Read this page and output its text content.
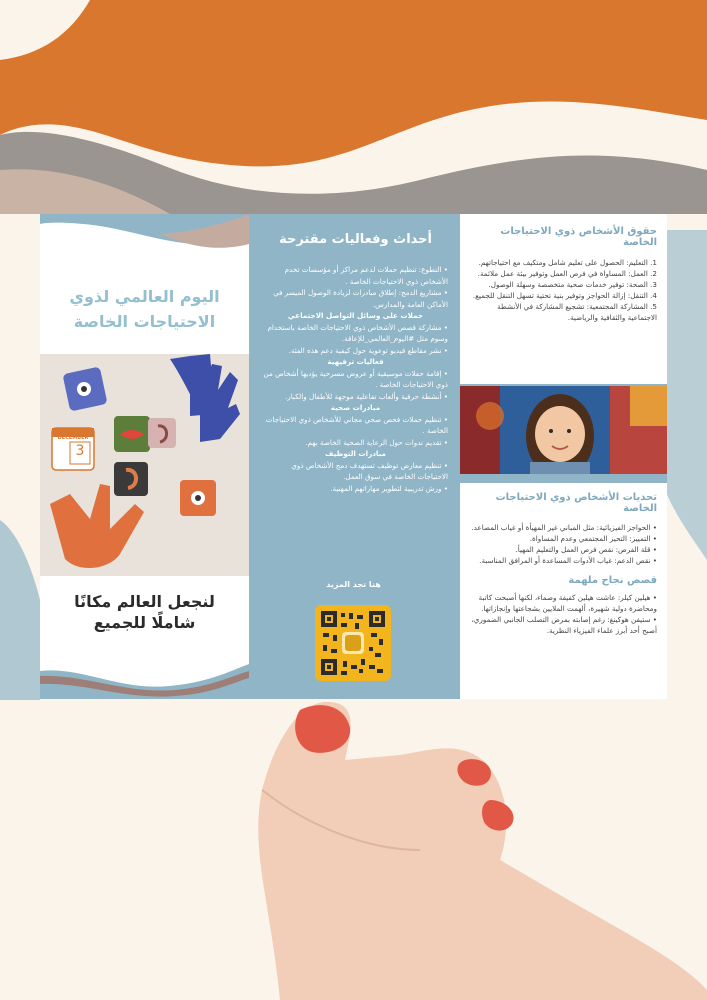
حقوق الأشخاص ذوي الاحتياجات الخاصة

1. التعليم: الحصول على تعليم شامل ومتكيف مع احتياجاتهم.

2. العمل: المساواة في فرص العمل وتوفير بيئة عمل ملائمة.

3. الصحة: توفير خدمات صحية متخصصة وسهلة الوصول.

4. التنقل: إزالة الحواجز وتوفير بنية تحتية تسهل التنقل للجميع.

5. المشاركة المجتمعية: تشجيع المشاركة في الأنشطة الاجتماعية والثقافية والرياضية.

تحديات الأشخاص ذوي الاحتياجات الخاصة

• الحواجز الفيزيائية: مثل المباني غير المهيأة أو غياب المصاعد.

• التمييز: التحيز المجتمعي وعدم المساواة.

• قلة الفرص: نقص فرص العمل والتعليم المهيأ.

• نقص الدعم: غياب الأدوات المساعدة أو المرافق المناسبة.

قصص نجاح ملهمة

• هيلين كيلر: عاشت هيلين كفيفة وصماء، لكنها أصبحت كاتبة ومحاضرة دولية شهيرة، ألهمت الملايين بشجاعتها وإنجازاتها.

• ستيفن هوكينغ: رغم إصابته بمرض التصلب الجانبي الضموري، أصبح أحد أبرز علماء الفيزياء النظرية.

أحداث وفعاليات مقترحة
• التطوع: تنظيم حملات لدعم مراكز أو مؤسسات تخدم الأشخاص ذوي الاحتياجات الخاصة .
• مشاريع الدمج: إطلاق مبادرات لزيادة الوصول الميسر في الأماكن العامة والمدارس.
حملات على وسائل التواصل الاجتماعي
• مشاركة قصص الأشخاص ذوي الاحتياجات الخاصة باستخدام وسوم مثل #اليوم_العالمي_للإعاقة.
• نشر مقاطع فيديو توعوية حول كيفية دعم هذه الفئة.
فعاليات ترفيهية
• إقامة حفلات موسيقية أو عروض مسرحية يؤديها أشخاص من ذوي الاحتياجات الخاصة .
• أنشطة حرفية وألعاب تفاعلية موجهة للأطفال والكبار.
مبادرات صحية
• تنظيم حملات فحص صحي مجاني للأشخاص ذوي الاحتياجات الخاصة .
• تقديم ندوات حول الرعاية الصحية الخاصة بهم.
مبادرات التوظيف
• تنظيم معارض توظيف تستهدف دمج الأشخاص ذوي الاحتياجات الخاصة في سوق العمل.
• ورش تدريبية لتطوير مهاراتهم المهنية.
هنا تجد المزيد
اليوم العالمي لذوي
الاحتياجات الخاصة
DECEMBER
3
لنجعل العالم مكانًا
شاملًا للجميع
